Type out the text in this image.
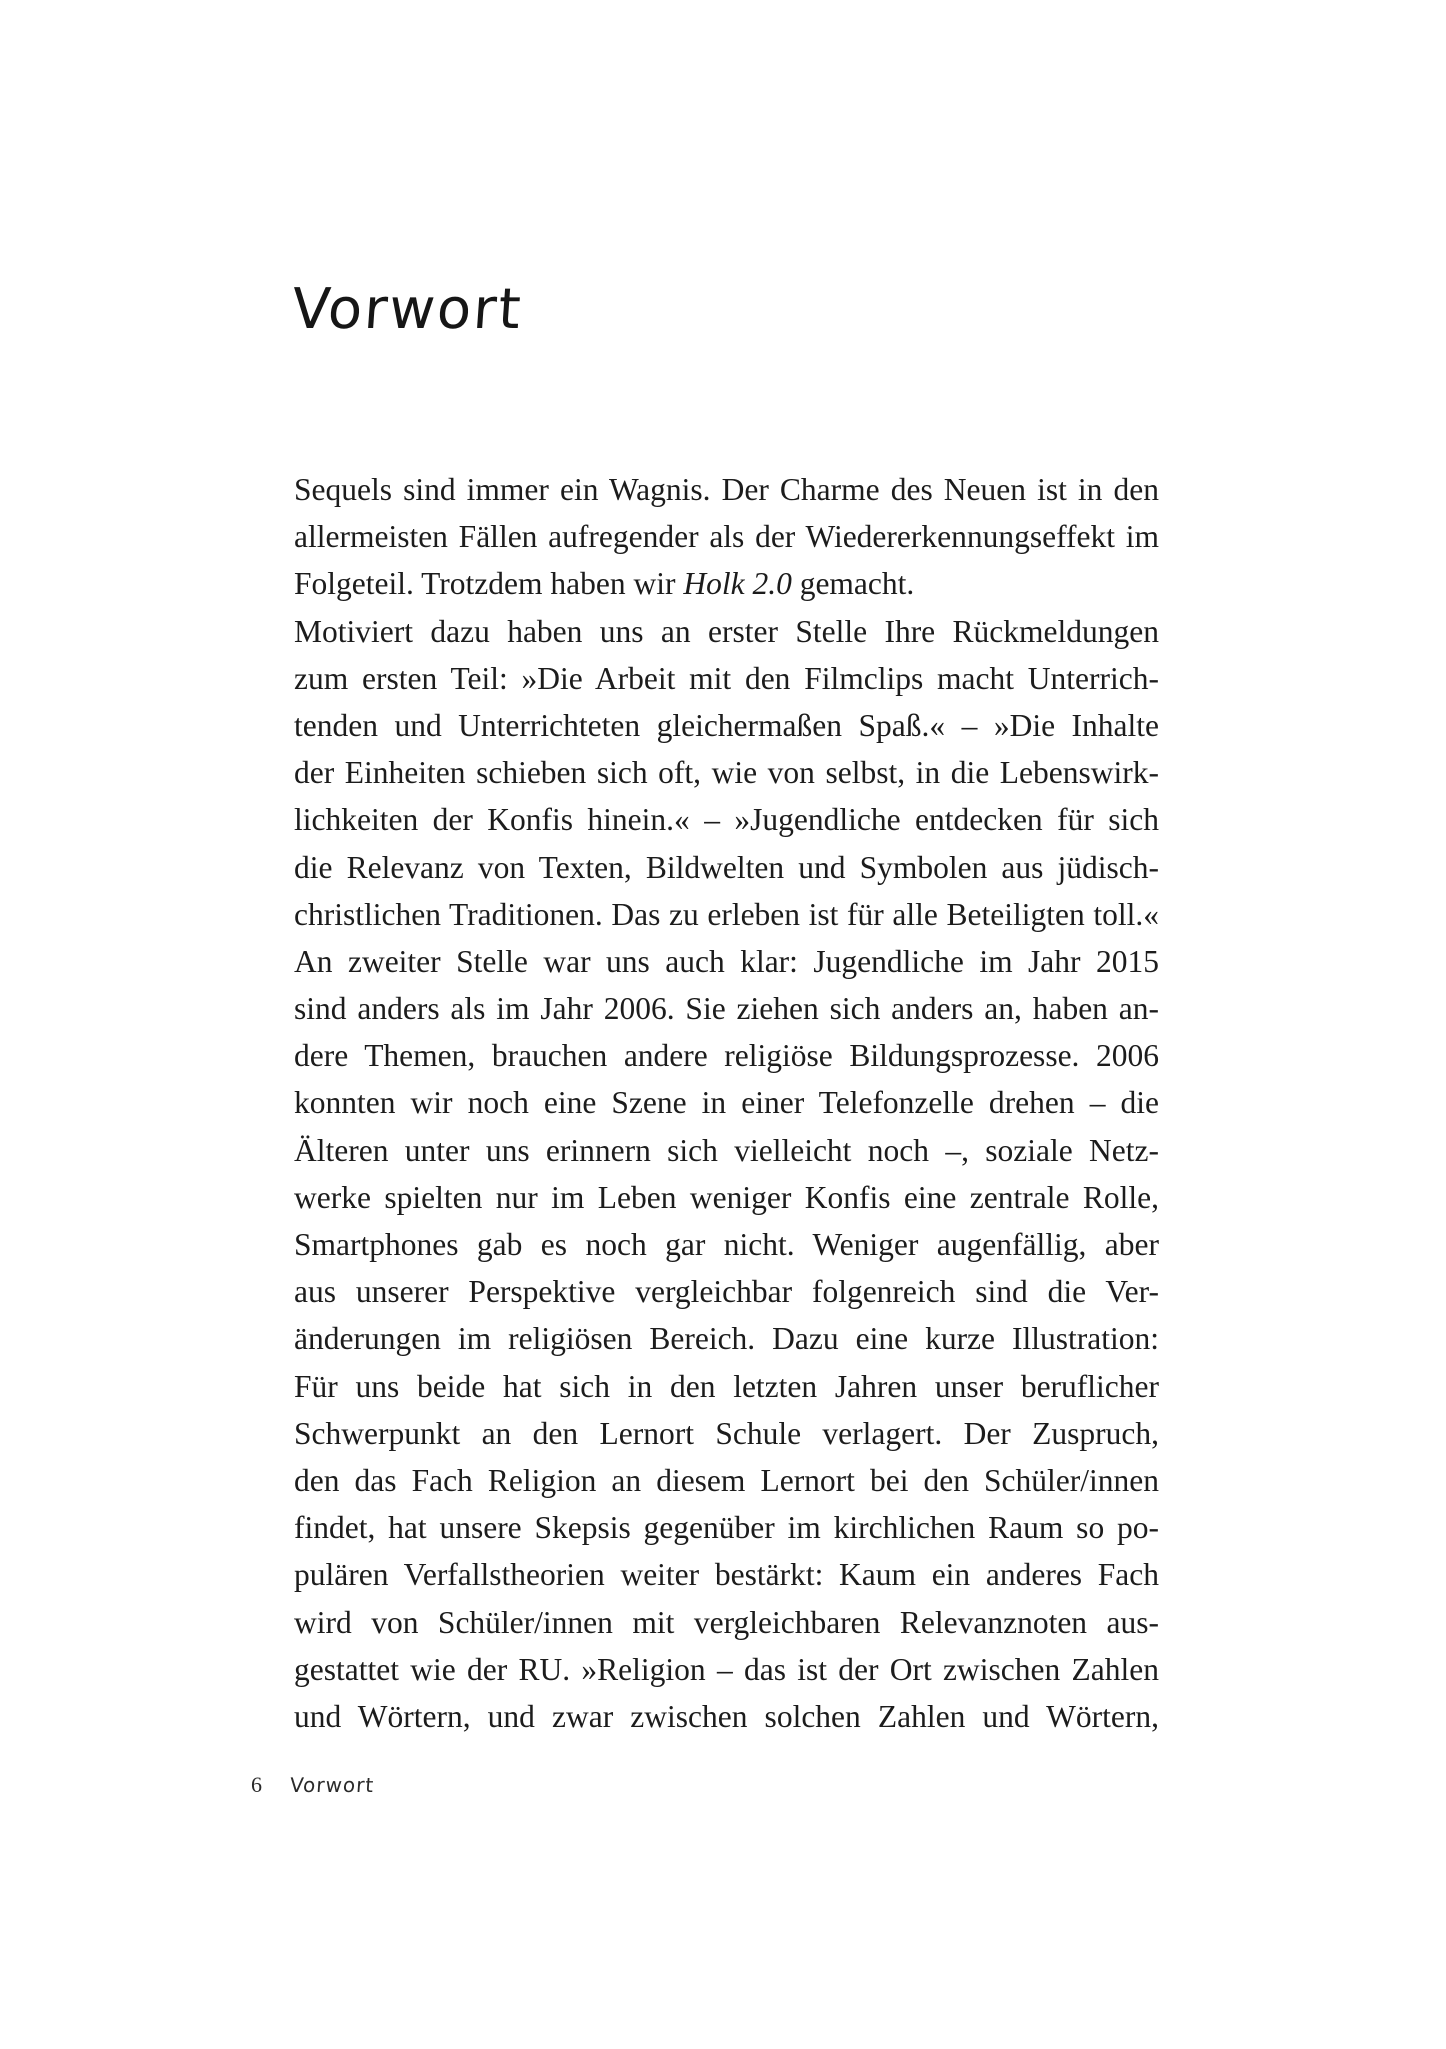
Vorwort
Sequels sind immer ein Wagnis. Der Charme des Neuen ist in den
allermeisten Fällen aufregender als der Wiedererkennungseffekt im
Folgeteil. Trotzdem haben wir Holk 2.0 gemacht.
Motiviert dazu haben uns an erster Stelle Ihre Rückmeldungen
zum ersten Teil: »Die Arbeit mit den Filmclips macht Unterrich-
tenden und Unterrichteten gleichermaßen Spaß.« – »Die Inhalte
der Einheiten schieben sich oft, wie von selbst, in die Lebenswirk-
lichkeiten der Konfis hinein.« – »Jugendliche entdecken für sich
die Relevanz von Texten, Bildwelten und Symbolen aus jüdisch-
christlichen Traditionen. Das zu erleben ist für alle Beteiligten toll.«
An zweiter Stelle war uns auch klar: Jugendliche im Jahr 2015
sind anders als im Jahr 2006. Sie ziehen sich anders an, haben an-
dere Themen, brauchen andere religiöse Bildungsprozesse. 2006
konnten wir noch eine Szene in einer Telefonzelle drehen – die
Älteren unter uns erinnern sich vielleicht noch –, soziale Netz-
werke spielten nur im Leben weniger Konfis eine zentrale Rolle,
Smartphones gab es noch gar nicht. Weniger augenfällig, aber
aus unserer Perspektive vergleichbar folgenreich sind die Ver-
änderungen im religiösen Bereich. Dazu eine kurze Illustration:
Für uns beide hat sich in den letzten Jahren unser beruflicher
Schwerpunkt an den Lernort Schule verlagert. Der Zuspruch,
den das Fach Religion an diesem Lernort bei den Schüler/innen
findet, hat unsere Skepsis gegenüber im kirchlichen Raum so po-
pulären Verfallstheorien weiter bestärkt: Kaum ein anderes Fach
wird von Schüler/innen mit vergleichbaren Relevanznoten aus-
gestattet wie der RU. »Religion – das ist der Ort zwischen Zahlen
und Wörtern, und zwar zwischen solchen Zahlen und Wörtern,
6 Vorwort
